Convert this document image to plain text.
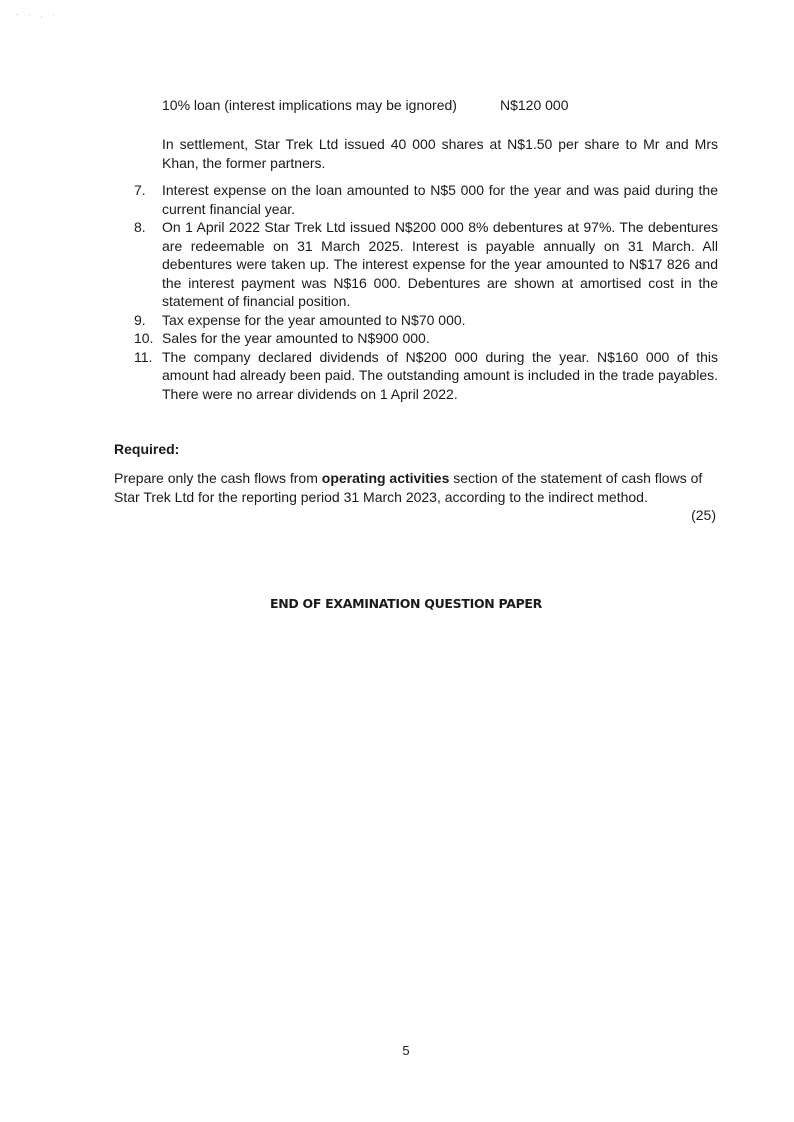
- · , ·
10% loan (interest implications may be ignored)	N$120 000
In settlement, Star Trek Ltd issued 40 000 shares at N$1.50 per share to Mr and Mrs Khan, the former partners.
7. Interest expense on the loan amounted to N$5 000 for the year and was paid during the current financial year.
8. On 1 April 2022 Star Trek Ltd issued N$200 000 8% debentures at 97%. The debentures are redeemable on 31 March 2025. Interest is payable annually on 31 March. All debentures were taken up. The interest expense for the year amounted to N$17 826 and the interest payment was N$16 000. Debentures are shown at amortised cost in the statement of financial position.
9. Tax expense for the year amounted to N$70 000.
10. Sales for the year amounted to N$900 000.
11. The company declared dividends of N$200 000 during the year. N$160 000 of this amount had already been paid. The outstanding amount is included in the trade payables. There were no arrear dividends on 1 April 2022.
Required:
Prepare only the cash flows from operating activities section of the statement of cash flows of Star Trek Ltd for the reporting period 31 March 2023, according to the indirect method.
(25)
END OF EXAMINATION QUESTION PAPER
5
